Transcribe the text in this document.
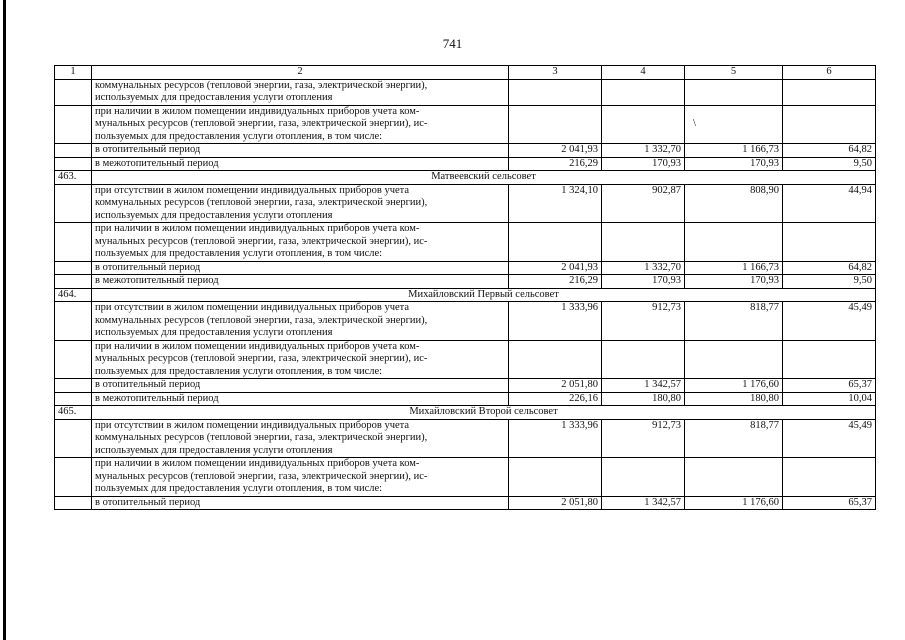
741
1	2	3	4	5	6

	коммунальных ресурсов (тепловой энергии, газа, электрической энергии),
используемых для предоставления услуги отопления				

	при наличии в жилом помещении индивидуальных приборов учета ком-
мунальных ресурсов (тепловой энергии, газа, электрической энергии), ис-
пользуемых для предоставления услуги отопления, в том числе:			\	
	в отопительный период	2 041,93	1 332,70	1 166,73	64,82
	в межотопительный период	216,29	170,93	170,93	9,50
463.	Матвеевский сельсовет				

	при отсутствии в жилом помещении индивидуальных приборов учета
коммунальных ресурсов (тепловой энергии, газа, электрической энергии),
используемых для предоставления услуги отопления	1 324,10	902,87	808,90	44,94

	при наличии в жилом помещении индивидуальных приборов учета ком-
мунальных ресурсов (тепловой энергии, газа, электрической энергии), ис-
пользуемых для предоставления услуги отопления, в том числе:				

	в отопительный период	2 041,93	1 332,70	1 166,73	64,82
	в межотопительный период	216,29	170,93	170,93	9,50
464.	Михайловский Первый сельсовет				

	при отсутствии в жилом помещении индивидуальных приборов учета
коммунальных ресурсов (тепловой энергии, газа, электрической энергии),
используемых для предоставления услуги отопления	1 333,96	912,73	818,77	45,49

	при наличии в жилом помещении индивидуальных приборов учета ком-
мунальных ресурсов (тепловой энергии, газа, электрической энергии), ис-
пользуемых для предоставления услуги отопления, в том числе:				

	в отопительный период	2 051,80	1 342,57	1 176,60	65,37
	в межотопительный период	226,16	180,80	180,80	10,04
465.	Михайловский Второй сельсовет				

	при отсутствии в жилом помещении индивидуальных приборов учета
коммунальных ресурсов (тепловой энергии, газа, электрической энергии),
используемых для предоставления услуги отопления	1 333,96	912,73	818,77	45,49

	при наличии в жилом помещении индивидуальных приборов учета ком-
мунальных ресурсов (тепловой энергии, газа, электрической энергии), ис-
пользуемых для предоставления услуги отопления, в том числе:				

	в отопительный период	2 051,80	1 342,57	1 176,60	65,37
